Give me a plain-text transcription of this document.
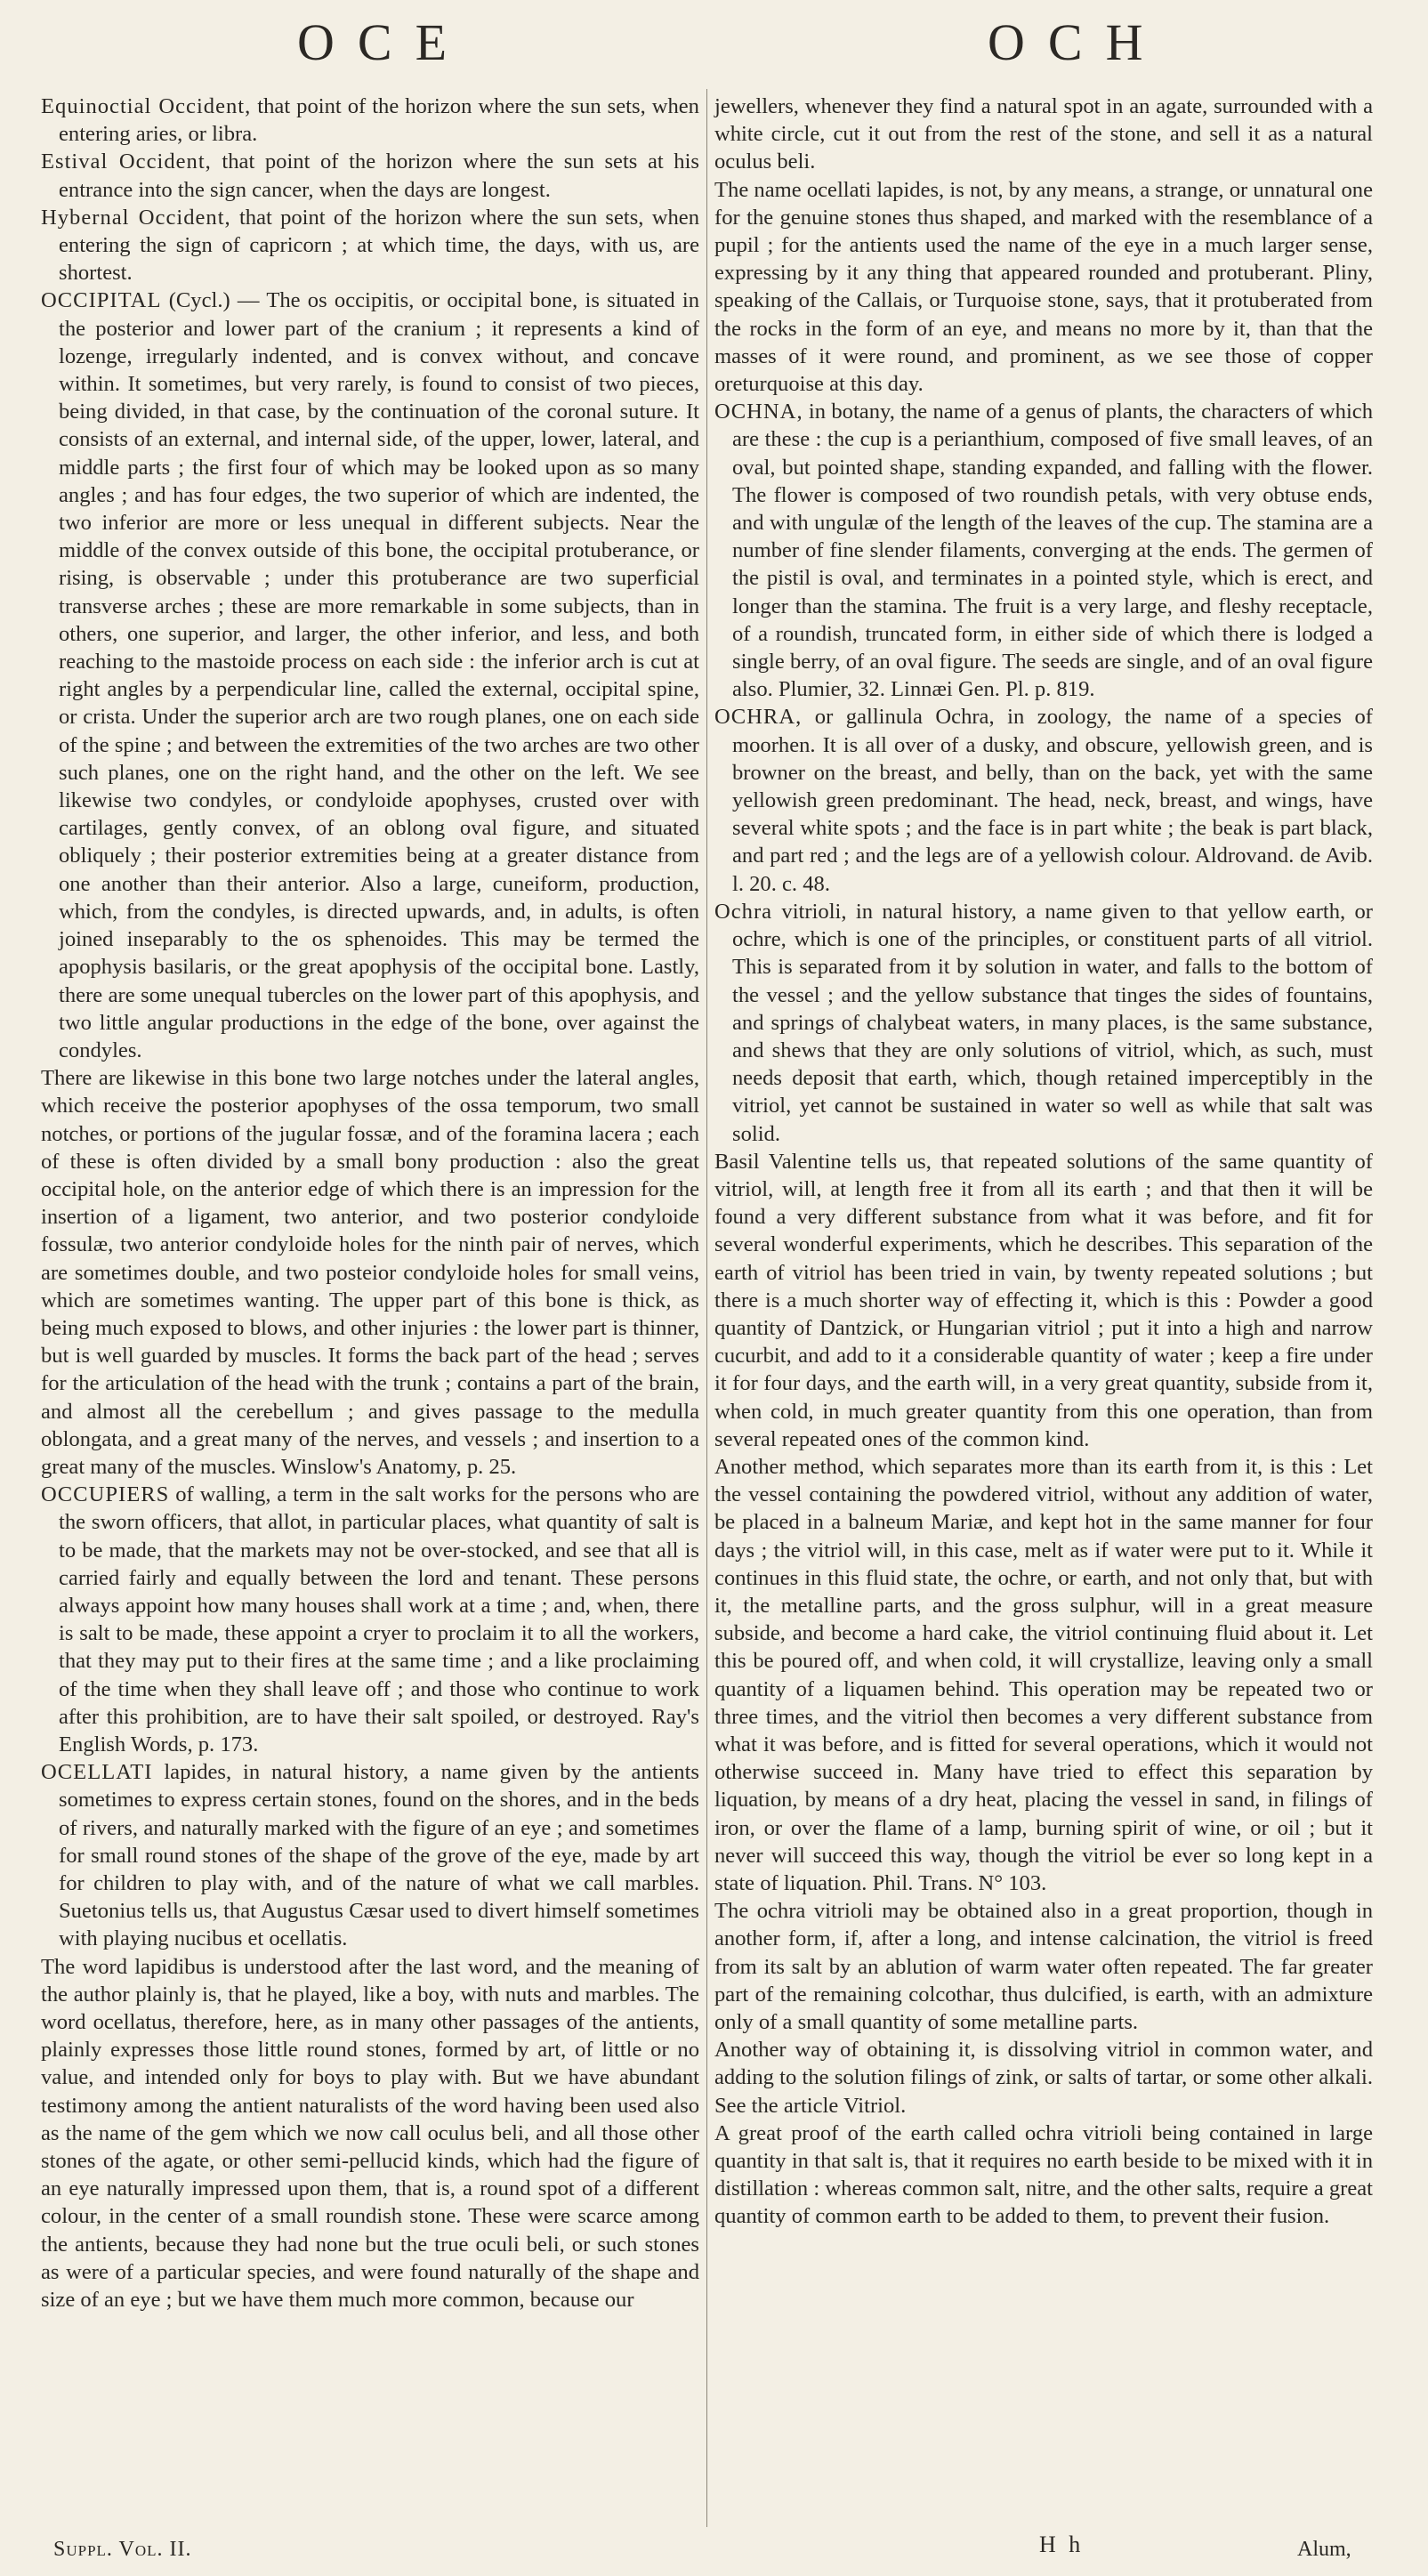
OCE	OCH

Equinoctial Occident, that point of the horizon where the sun sets, when entering aries, or libra.

Estival Occident, that point of the horizon where the sun sets at his entrance into the sign cancer, when the days are longest.

Hybernal Occident, that point of the horizon where the sun sets, when entering the sign of capricorn ; at which time, the days, with us, are shortest.

OCCIPITAL (Cycl.) — The os occipitis, or occipital bone, is situated in the posterior and lower part of the cranium ; it represents a kind of lozenge, irregularly indented, and is convex without, and concave within. It sometimes, but very rarely, is found to consist of two pieces, being divided, in that case, by the continuation of the coronal suture. It consists of an external, and internal side, of the upper, lower, lateral, and middle parts ; the first four of which may be looked upon as so many angles ; and has four edges, the two superior of which are indented, the two inferior are more or less unequal in different subjects. Near the middle of the convex outside of this bone, the occipital protuberance, or rising, is observable ; under this protuberance are two superficial transverse arches ; these are more remarkable in some subjects, than in others, one superior, and larger, the other inferior, and less, and both reaching to the mastoide process on each side : the inferior arch is cut at right angles by a perpendicular line, called the external, occipital spine, or crista. Under the superior arch are two rough planes, one on each side of the spine ; and between the extremities of the two arches are two other such planes, one on the right hand, and the other on the left. We see likewise two condyles, or condyloide apophyses, crusted over with cartilages, gently convex, of an oblong oval figure, and situated obliquely ; their posterior extremities being at a greater distance from one another than their anterior. Also a large, cuneiform, production, which, from the condyles, is directed upwards, and, in adults, is often joined inseparably to the os sphenoides. This may be termed the apophysis basilaris, or the great apophysis of the occipital bone. Lastly, there are some unequal tubercles on the lower part of this apophysis, and two little angular productions in the edge of the bone, over against the condyles.

There are likewise in this bone two large notches under the lateral angles, which receive the posterior apophyses of the ossa temporum, two small notches, or portions of the jugular fossæ, and of the foramina lacera ; each of these is often divided by a small bony production : also the great occipital hole, on the anterior edge of which there is an impression for the insertion of a ligament, two anterior, and two posterior condyloide fossulæ, two anterior condyloide holes for the ninth pair of nerves, which are sometimes double, and two posteior condyloide holes for small veins, which are sometimes wanting. The upper part of this bone is thick, as being much exposed to blows, and other injuries : the lower part is thinner, but is well guarded by muscles. It forms the back part of the head ; serves for the articulation of the head with the trunk ; contains a part of the brain, and almost all the cerebellum ; and gives passage to the medulla oblongata, and a great many of the nerves, and vessels ; and insertion to a great many of the muscles. Winslow's Anatomy, p. 25.

OCCUPIERS of walling, a term in the salt works for the persons who are the sworn officers, that allot, in particular places, what quantity of salt is to be made, that the markets may not be over-stocked, and see that all is carried fairly and equally between the lord and tenant. These persons always appoint how many houses shall work at a time ; and, when, there is salt to be made, these appoint a cryer to proclaim it to all the workers, that they may put to their fires at the same time ; and a like proclaiming of the time when they shall leave off ; and those who continue to work after this prohibition, are to have their salt spoiled, or destroyed. Ray's English Words, p. 173.

OCELLATI lapides, in natural history, a name given by the antients sometimes to express certain stones, found on the shores, and in the beds of rivers, and naturally marked with the figure of an eye ; and sometimes for small round stones of the shape of the grove of the eye, made by art for children to play with, and of the nature of what we call marbles. Suetonius tells us, that Augustus Cæsar used to divert himself sometimes with playing nucibus et ocellatis.

The word lapidibus is understood after the last word, and the meaning of the author plainly is, that he played, like a boy, with nuts and marbles. The word ocellatus, therefore, here, as in many other passages of the antients, plainly expresses those little round stones, formed by art, of little or no value, and intended only for boys to play with. But we have abundant testimony among the antient naturalists of the word having been used also as the name of the gem which we now call oculus beli, and all those other stones of the agate, or other semi-pellucid kinds, which had the figure of an eye naturally impressed upon them, that is, a round spot of a different colour, in the center of a small roundish stone. These were scarce among the antients, because they had none but the true oculi beli, or such stones as were of a particular species, and were found naturally of the shape and size of an eye ; but we have them much more common, because our

jewellers, whenever they find a natural spot in an agate, surrounded with a white circle, cut it out from the rest of the stone, and sell it as a natural oculus beli.

The name ocellati lapides, is not, by any means, a strange, or unnatural one for the genuine stones thus shaped, and marked with the resemblance of a pupil ; for the antients used the name of the eye in a much larger sense, expressing by it any thing that appeared rounded and protuberant. Pliny, speaking of the Callais, or Turquoise stone, says, that it protuberated from the rocks in the form of an eye, and means no more by it, than that the masses of it were round, and prominent, as we see those of copper oreturquoise at this day.

OCHNA, in botany, the name of a genus of plants, the characters of which are these : the cup is a perianthium, composed of five small leaves, of an oval, but pointed shape, standing expanded, and falling with the flower. The flower is composed of two roundish petals, with very obtuse ends, and with ungulæ of the length of the leaves of the cup. The stamina are a number of fine slender filaments, converging at the ends. The germen of the pistil is oval, and terminates in a pointed style, which is erect, and longer than the stamina. The fruit is a very large, and fleshy receptacle, of a roundish, truncated form, in either side of which there is lodged a single berry, of an oval figure. The seeds are single, and of an oval figure also. Plumier, 32. Linnæi Gen. Pl. p. 819.

OCHRA, or gallinula Ochra, in zoology, the name of a species of moorhen. It is all over of a dusky, and obscure, yellowish green, and is browner on the breast, and belly, than on the back, yet with the same yellowish green predominant. The head, neck, breast, and wings, have several white spots ; and the face is in part white ; the beak is part black, and part red ; and the legs are of a yellowish colour. Aldrovand. de Avib. l. 20. c. 48.

Ochra vitrioli, in natural history, a name given to that yellow earth, or ochre, which is one of the principles, or constituent parts of all vitriol. This is separated from it by solution in water, and falls to the bottom of the vessel ; and the yellow substance that tinges the sides of fountains, and springs of chalybeat waters, in many places, is the same substance, and shews that they are only solutions of vitriol, which, as such, must needs deposit that earth, which, though retained imperceptibly in the vitriol, yet cannot be sustained in water so well as while that salt was solid.

Basil Valentine tells us, that repeated solutions of the same quantity of vitriol, will, at length free it from all its earth ; and that then it will be found a very different substance from what it was before, and fit for several wonderful experiments, which he describes. This separation of the earth of vitriol has been tried in vain, by twenty repeated solutions ; but there is a much shorter way of effecting it, which is this : Powder a good quantity of Dantzick, or Hungarian vitriol ; put it into a high and narrow cucurbit, and add to it a considerable quantity of water ; keep a fire under it for four days, and the earth will, in a very great quantity, subside from it, when cold, in much greater quantity from this one operation, than from several repeated ones of the common kind.

Another method, which separates more than its earth from it, is this : Let the vessel containing the powdered vitriol, without any addition of water, be placed in a balneum Mariæ, and kept hot in the same manner for four days ; the vitriol will, in this case, melt as if water were put to it. While it continues in this fluid state, the ochre, or earth, and not only that, but with it, the metalline parts, and the gross sulphur, will in a great measure subside, and become a hard cake, the vitriol continuing fluid about it. Let this be poured off, and when cold, it will crystallize, leaving only a small quantity of a liquamen behind. This operation may be repeated two or three times, and the vitriol then becomes a very different substance from what it was before, and is fitted for several operations, which it would not otherwise succeed in. Many have tried to effect this separation by liquation, by means of a dry heat, placing the vessel in sand, in filings of iron, or over the flame of a lamp, burning spirit of wine, or oil ; but it never will succeed this way, though the vitriol be ever so long kept in a state of liquation. Phil. Trans. N° 103.

The ochra vitrioli may be obtained also in a great proportion, though in another form, if, after a long, and intense calcination, the vitriol is freed from its salt by an ablution of warm water often repeated. The far greater part of the remaining colcothar, thus dulcified, is earth, with an admixture only of a small quantity of some metalline parts.

Another way of obtaining it, is dissolving vitriol in common water, and adding to the solution filings of zink, or salts of tartar, or some other alkali. See the article Vitriol.

A great proof of the earth called ochra vitrioli being contained in large quantity in that salt is, that it requires no earth beside to be mixed with it in distillation : whereas common salt, nitre, and the other salts, require a great quantity of common earth to be added to them, to prevent their fusion.

Suppl. Vol. II.	H h	Alum,
